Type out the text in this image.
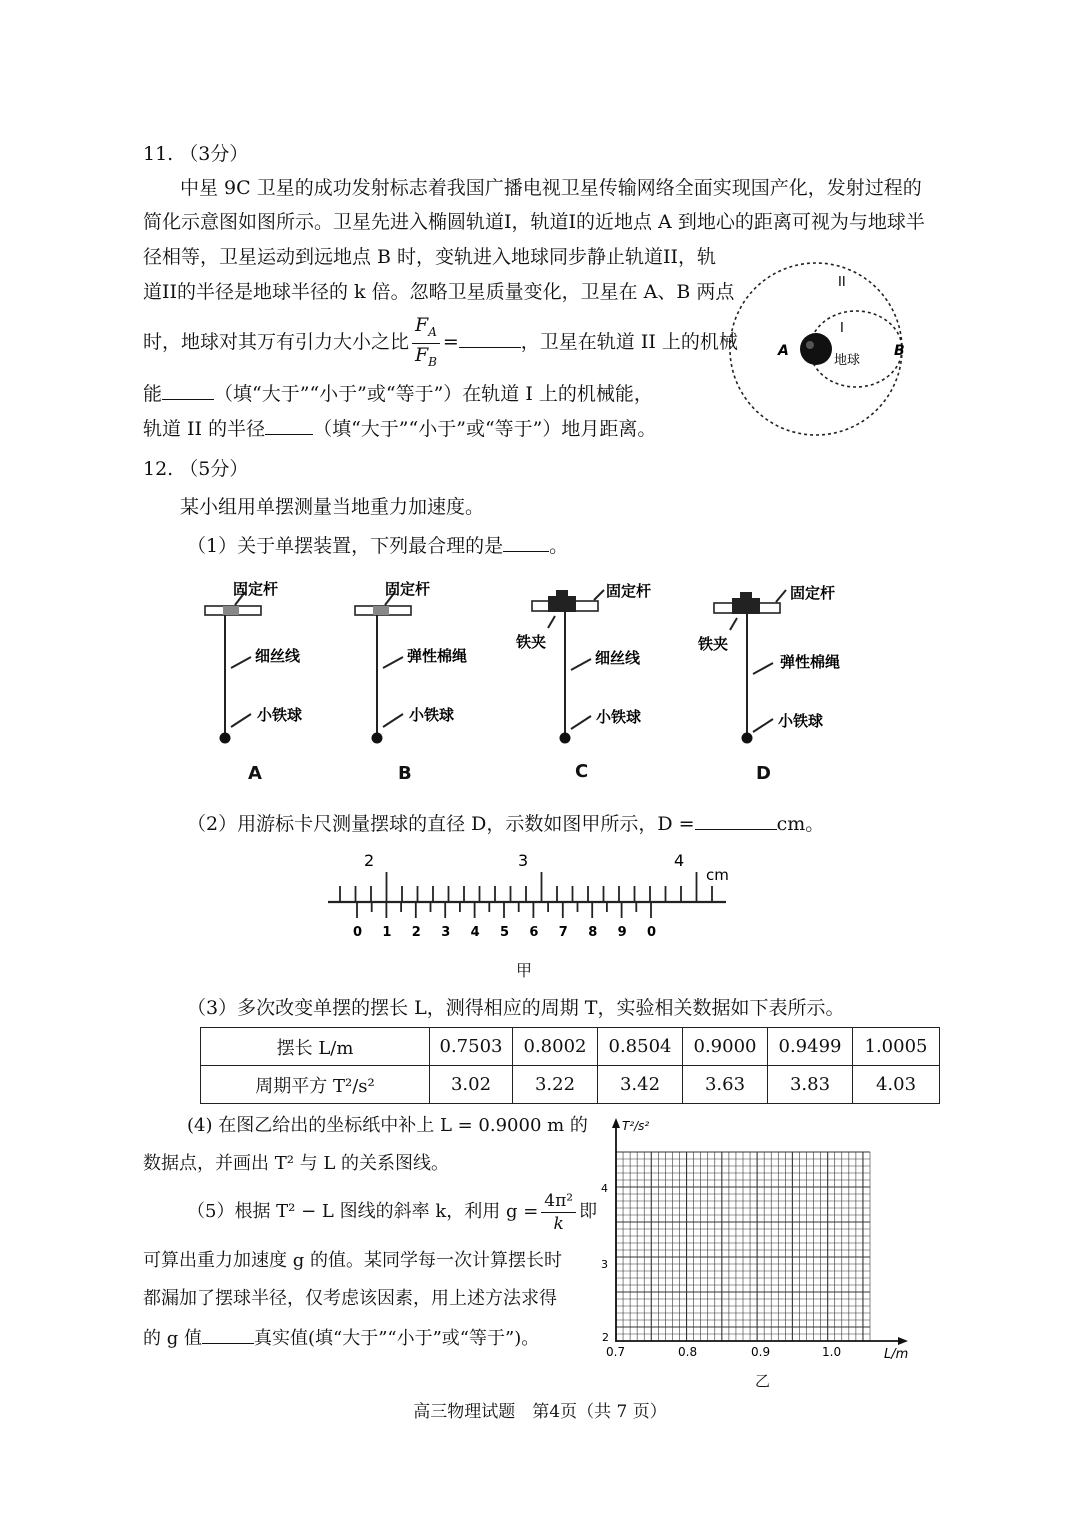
11. （3分）
中星 9C 卫星的成功发射标志着我国广播电视卫星传输网络全面实现国产化，发射过程的
简化示意图如图所示。卫星先进入椭圆轨道I，轨道I的近地点 A 到地心的距离可视为与地球半
径相等，卫星运动到远地点 B 时，变轨进入地球同步静止轨道II，轨
道II的半径是地球半径的 k 倍。忽略卫星质量变化，卫星在 A、B 两点
时，地球对其万有引力大小之比 $\frac{F_A}{F_B}$ =	，卫星在轨道 II 上的机械
能	（填“大于”“小于”或“等于”）在轨道 I 上的机械能，
轨道 II 的半径	（填“大于”“小于”或“等于”）地月距离。
II
I
A	B
地球
12. （5分）
某小组用单摆测量当地重力加速度。
（1）关于单摆装置，下列最合理的是 。
固定杆
细丝线
小铁球
A
固定杆
弹性棉绳
小铁球
B
固定杆
铁夹
细丝线
小铁球
C
固定杆
铁夹
弹性棉绳
小铁球
D
（2）用游标卡尺测量摆球的直径 D，示数如图甲所示，D =	cm。
2	3	4
cm
0 1 2 3 4 5 6 7 8 9 0
甲
（3）多次改变单摆的摆长 L，测得相应的周期 T，实验相关数据如下表所示。
摆长 L/m	0.7503	0.8002	0.8504	0.9000	0.9499	1.0005
周期平方 T²/s²	3.02	3.22	3.42	3.63	3.83	4.03
(4) 在图乙给出的坐标纸中补上 L = 0.9000 m 的
数据点，并画出 T² 与 L 的关系图线。
（5）根据 T² − L 图线的斜率 k，利用 $g = \frac{\text{4π²}}{k}$ 即
可算出重力加速度 g 的值。某同学每一次计算摆长时
都漏加了摆球半径，仅考虑该因素，用上述方法求得
的 g 值	真实值(填“大于”“小于”或“等于”)。
T²/s²
L/m
4
3
2
0.7	0.8	0.9	1.0
乙
高三物理试题　第4页（共 7 页）
